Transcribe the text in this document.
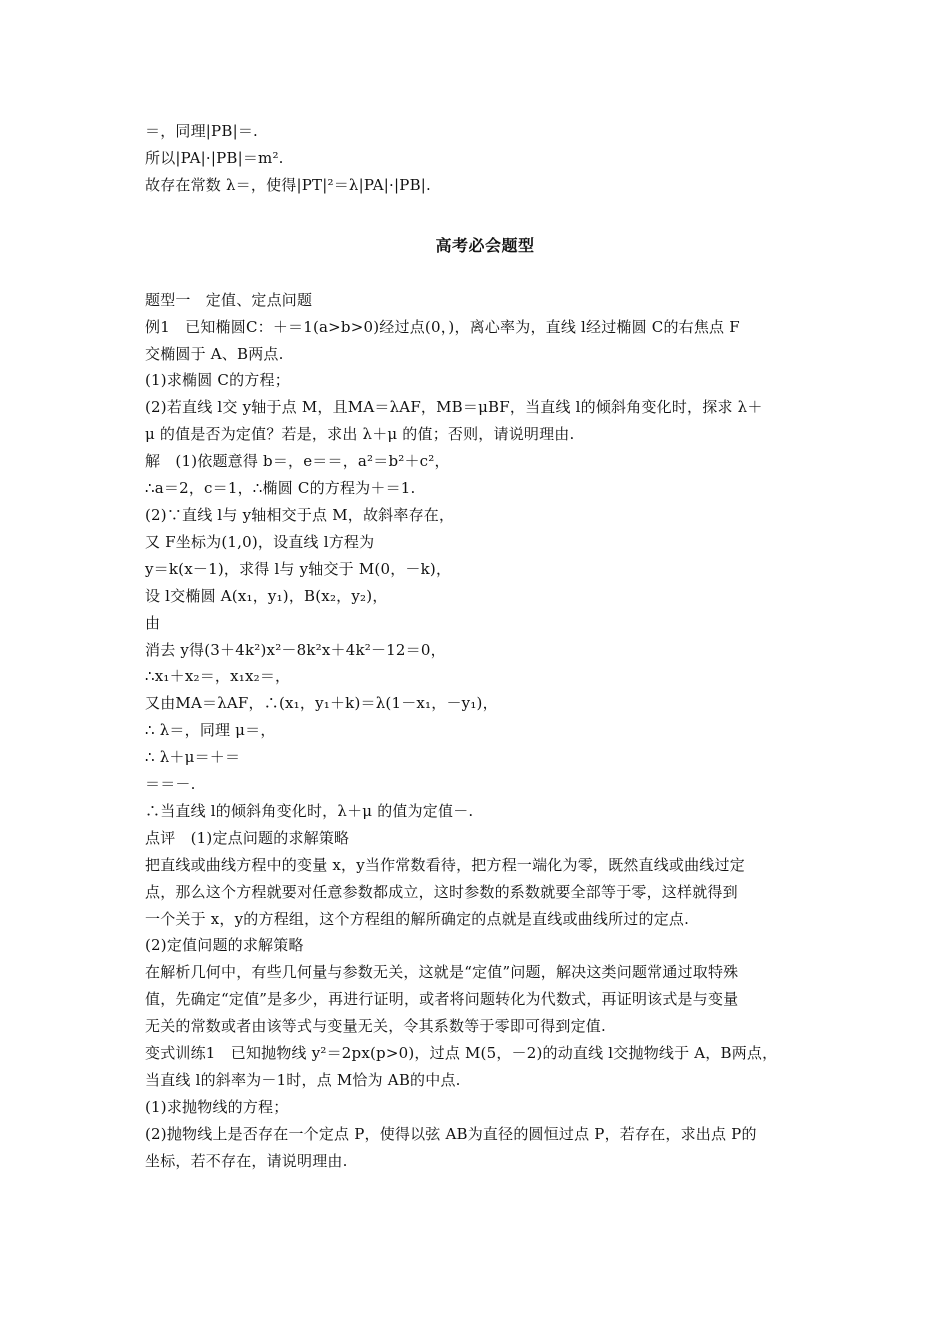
＝，同理|PB|＝.
所以|PA|·|PB|＝m².
故存在常数 λ＝，使得|PT|²＝λ|PA|·|PB|.
高考必会题型
题型一　定值、定点问题
例1　已知椭圆C：＋＝1(a>b>0)经过点(0，)，离心率为，直线 l经过椭圆 C的右焦点 F
交椭圆于 A、B两点.
(1)求椭圆 C的方程；
(2)若直线 l交 y轴于点 M，且MA＝λAF，MB＝μBF，当直线 l的倾斜角变化时，探求 λ＋
μ 的值是否为定值？若是，求出 λ＋μ 的值；否则，请说明理由.
解　(1)依题意得 b＝，e＝＝，a²＝b²＋c²，
∴a＝2，c＝1，∴椭圆 C的方程为＋＝1.
(2)∵直线 l与 y轴相交于点 M，故斜率存在，
又 F坐标为(1,0)，设直线 l方程为
y＝k(x－1)，求得 l与 y轴交于 M(0，－k)，
设 l交椭圆 A(x₁，y₁)，B(x₂，y₂)，
由
消去 y得(3＋4k²)x²－8k²x＋4k²－12＝0，
∴x₁＋x₂＝，x₁x₂＝，
又由MA＝λAF，∴(x₁，y₁＋k)＝λ(1－x₁，－y₁)，
∴ λ＝，同理 μ＝，
∴ λ＋μ＝＋＝
＝＝－.
∴当直线 l的倾斜角变化时，λ＋μ 的值为定值－.
点评　(1)定点问题的求解策略
把直线或曲线方程中的变量 x，y当作常数看待，把方程一端化为零，既然直线或曲线过定
点，那么这个方程就要对任意参数都成立，这时参数的系数就要全部等于零，这样就得到
一个关于 x，y的方程组，这个方程组的解所确定的点就是直线或曲线所过的定点.
(2)定值问题的求解策略
在解析几何中，有些几何量与参数无关，这就是“定值”问题，解决这类问题常通过取特殊
值，先确定“定值”是多少，再进行证明，或者将问题转化为代数式，再证明该式是与变量
无关的常数或者由该等式与变量无关，令其系数等于零即可得到定值.
变式训练1　已知抛物线 y²＝2px(p>0)，过点 M(5，－2)的动直线 l交抛物线于 A，B两点，
当直线 l的斜率为－1时，点 M恰为 AB的中点.
(1)求抛物线的方程；
(2)抛物线上是否存在一个定点 P，使得以弦 AB为直径的圆恒过点 P，若存在，求出点 P的
坐标，若不存在，请说明理由.
